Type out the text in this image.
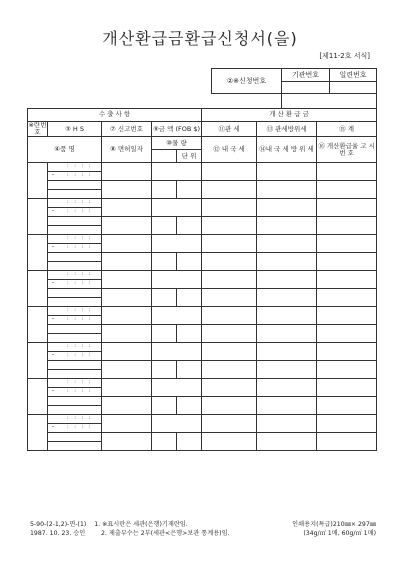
개산환급금환급신청서(을)
[제11-2호 서식]
②※신청번호	기관번호	일련번호

수 출 사 항					개 산 환 급 금		
※란번호	③ H S	⑦ 신고번호	⑨금 액 (FOB $)		⑪관 세	⑬ 관세방위세	⑮ 계
④품 명		⑧ 면허일자	⑩물 량		⑫ 내 국 세	⑭내 국 세 방 위 세	⑯ 개산환급율 고 시 번 호
				단 위			

	: : : :						

	- : : : :						

	: : : :						

	- : : : :						

	: : : :						

	- : : : :						

	: : : :						

	- : : : :						

	: : : :						

	- : : : :						

	: : : :						

	- : : : :						

	: : : :						

	- : : : :						

	: : : :						

	- : : : :						

5-90-(2-1,2)-면-(1) 1. ※표시란은 세관(은행)기재란임.	인쇄용지(특급)210㎜× 297㎜
1987. 10. 23. 승인	2. 제출부수는 2부(세관<은행>보관 통계용)임.	(34g/㎡ 1매, 60g/㎡ 1매)
